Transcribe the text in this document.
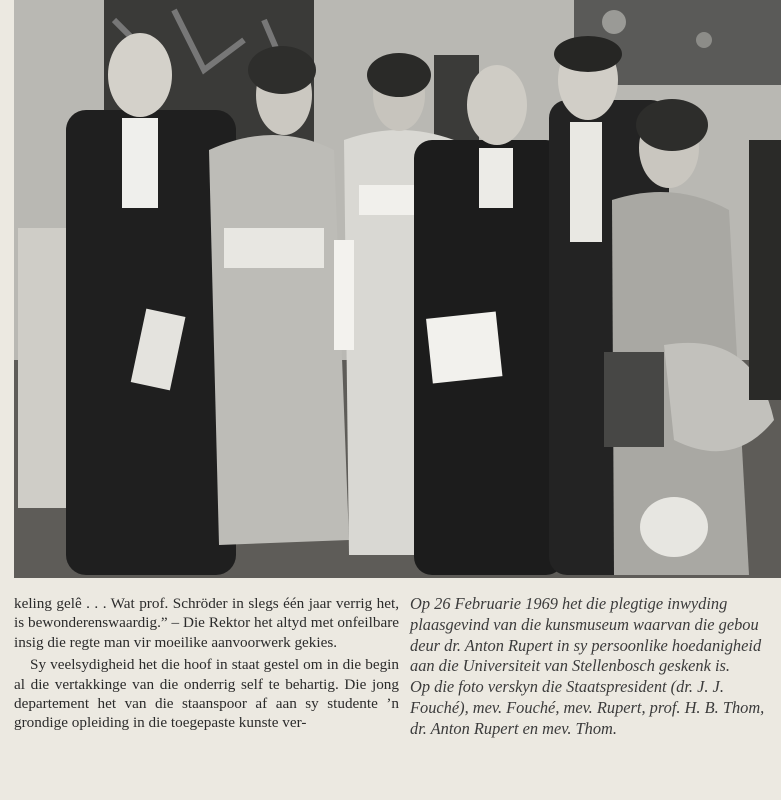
keling gelê . . . Wat prof. Schröder in slegs één jaar verrig het, is bewonderenswaardig.” – Die Rektor het altyd met onfeilbare insig die regte man vir moeilike aanvoorwerk gekies.

Sy veelsydigheid het die hoof in staat gestel om in die begin al die vertakkinge van die onderrig self te behartig. Die jong departement het van die staanspoor af aan sy studente ’n grondige opleiding in die toegepaste kunste ver-

Op 26 Februarie 1969 het die plegtige inwyding plaasgevind van die kunsmuseum waarvan die gebou deur dr. Anton Rupert in sy persoonlike hoedanigheid aan die Universiteit van Stellenbosch geskenk is.

Op die foto verskyn die Staatspresident (dr. J. J. Fouché), mev. Fouché, mev. Rupert, prof. H. B. Thom, dr. Anton Rupert en mev. Thom.
